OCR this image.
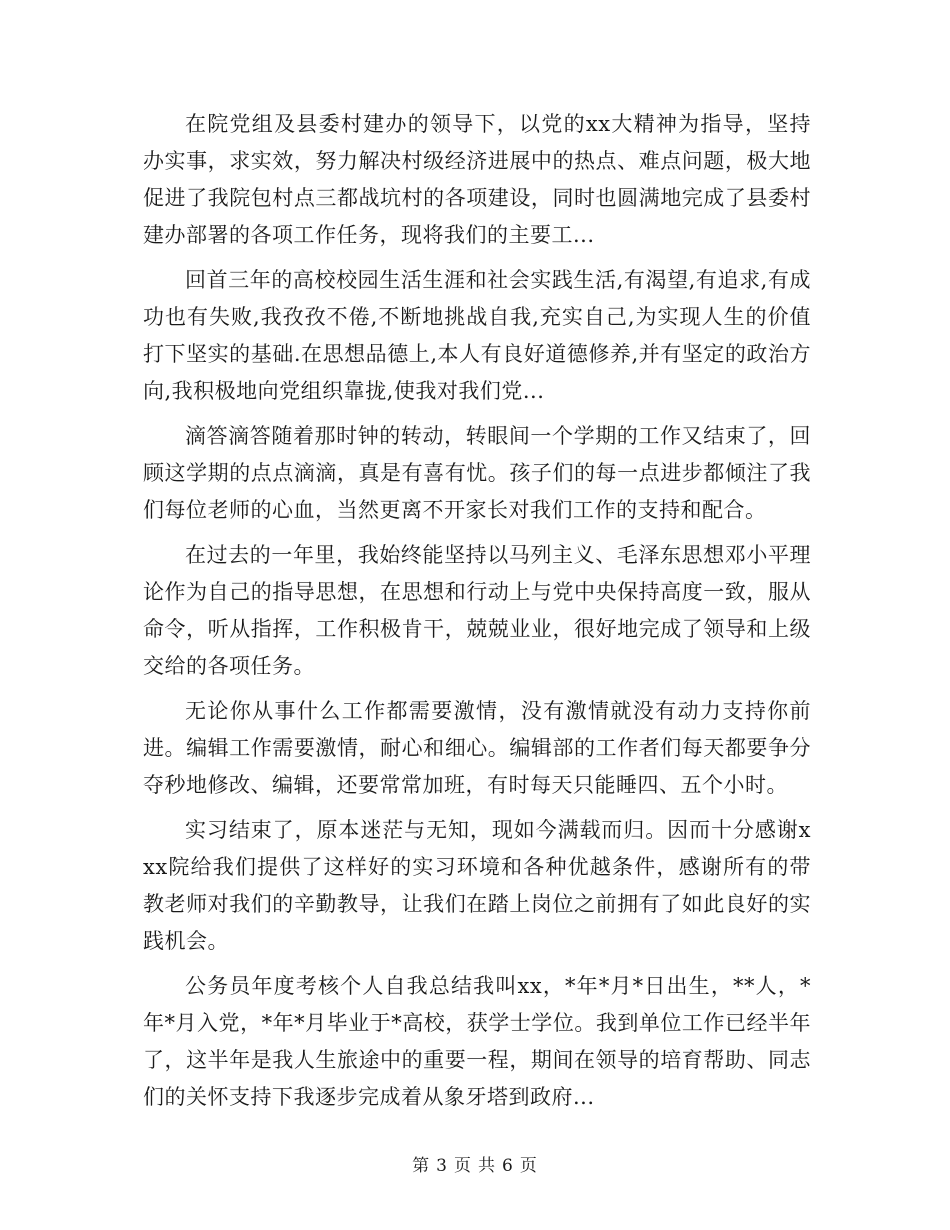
在院党组及县委村建办的领导下，以党的xx大精神为指导，坚持办实事，求实效，努力解决村级经济进展中的热点、难点问题，极大地促进了我院包村点三都战坑村的各项建设，同时也圆满地完成了县委村建办部署的各项工作任务，现将我们的主要工...

回首三年的高校校园生活生涯和社会实践生活,有渴望,有追求,有成功也有失败,我孜孜不倦,不断地挑战自我,充实自己,为实现人生的价值打下坚实的基础.在思想品德上,本人有良好道德修养,并有坚定的政治方向,我积极地向党组织靠拢,使我对我们党...

滴答滴答随着那时钟的转动，转眼间一个学期的工作又结束了，回顾这学期的点点滴滴，真是有喜有忧。孩子们的每一点进步都倾注了我们每位老师的心血，当然更离不开家长对我们工作的支持和配合。

在过去的一年里，我始终能坚持以马列主义、毛泽东思想邓小平理论作为自己的指导思想，在思想和行动上与党中央保持高度一致，服从命令，听从指挥，工作积极肯干，兢兢业业，很好地完成了领导和上级交给的各项任务。

无论你从事什么工作都需要激情，没有激情就没有动力支持你前进。编辑工作需要激情，耐心和细心。编辑部的工作者们每天都要争分夺秒地修改、编辑，还要常常加班，有时每天只能睡四、五个小时。

实习结束了，原本迷茫与无知，现如今满载而归。因而十分感谢xxx院给我们提供了这样好的实习环境和各种优越条件，感谢所有的带教老师对我们的辛勤教导，让我们在踏上岗位之前拥有了如此良好的实践机会。

公务员年度考核个人自我总结我叫xx，*年*月*日出生，**人，*年*月入党，*年*月毕业于*高校，获学士学位。我到单位工作已经半年了，这半年是我人生旅途中的重要一程，期间在领导的培育帮助、同志们的关怀支持下我逐步完成着从象牙塔到政府...

第 3 页 共 6 页
